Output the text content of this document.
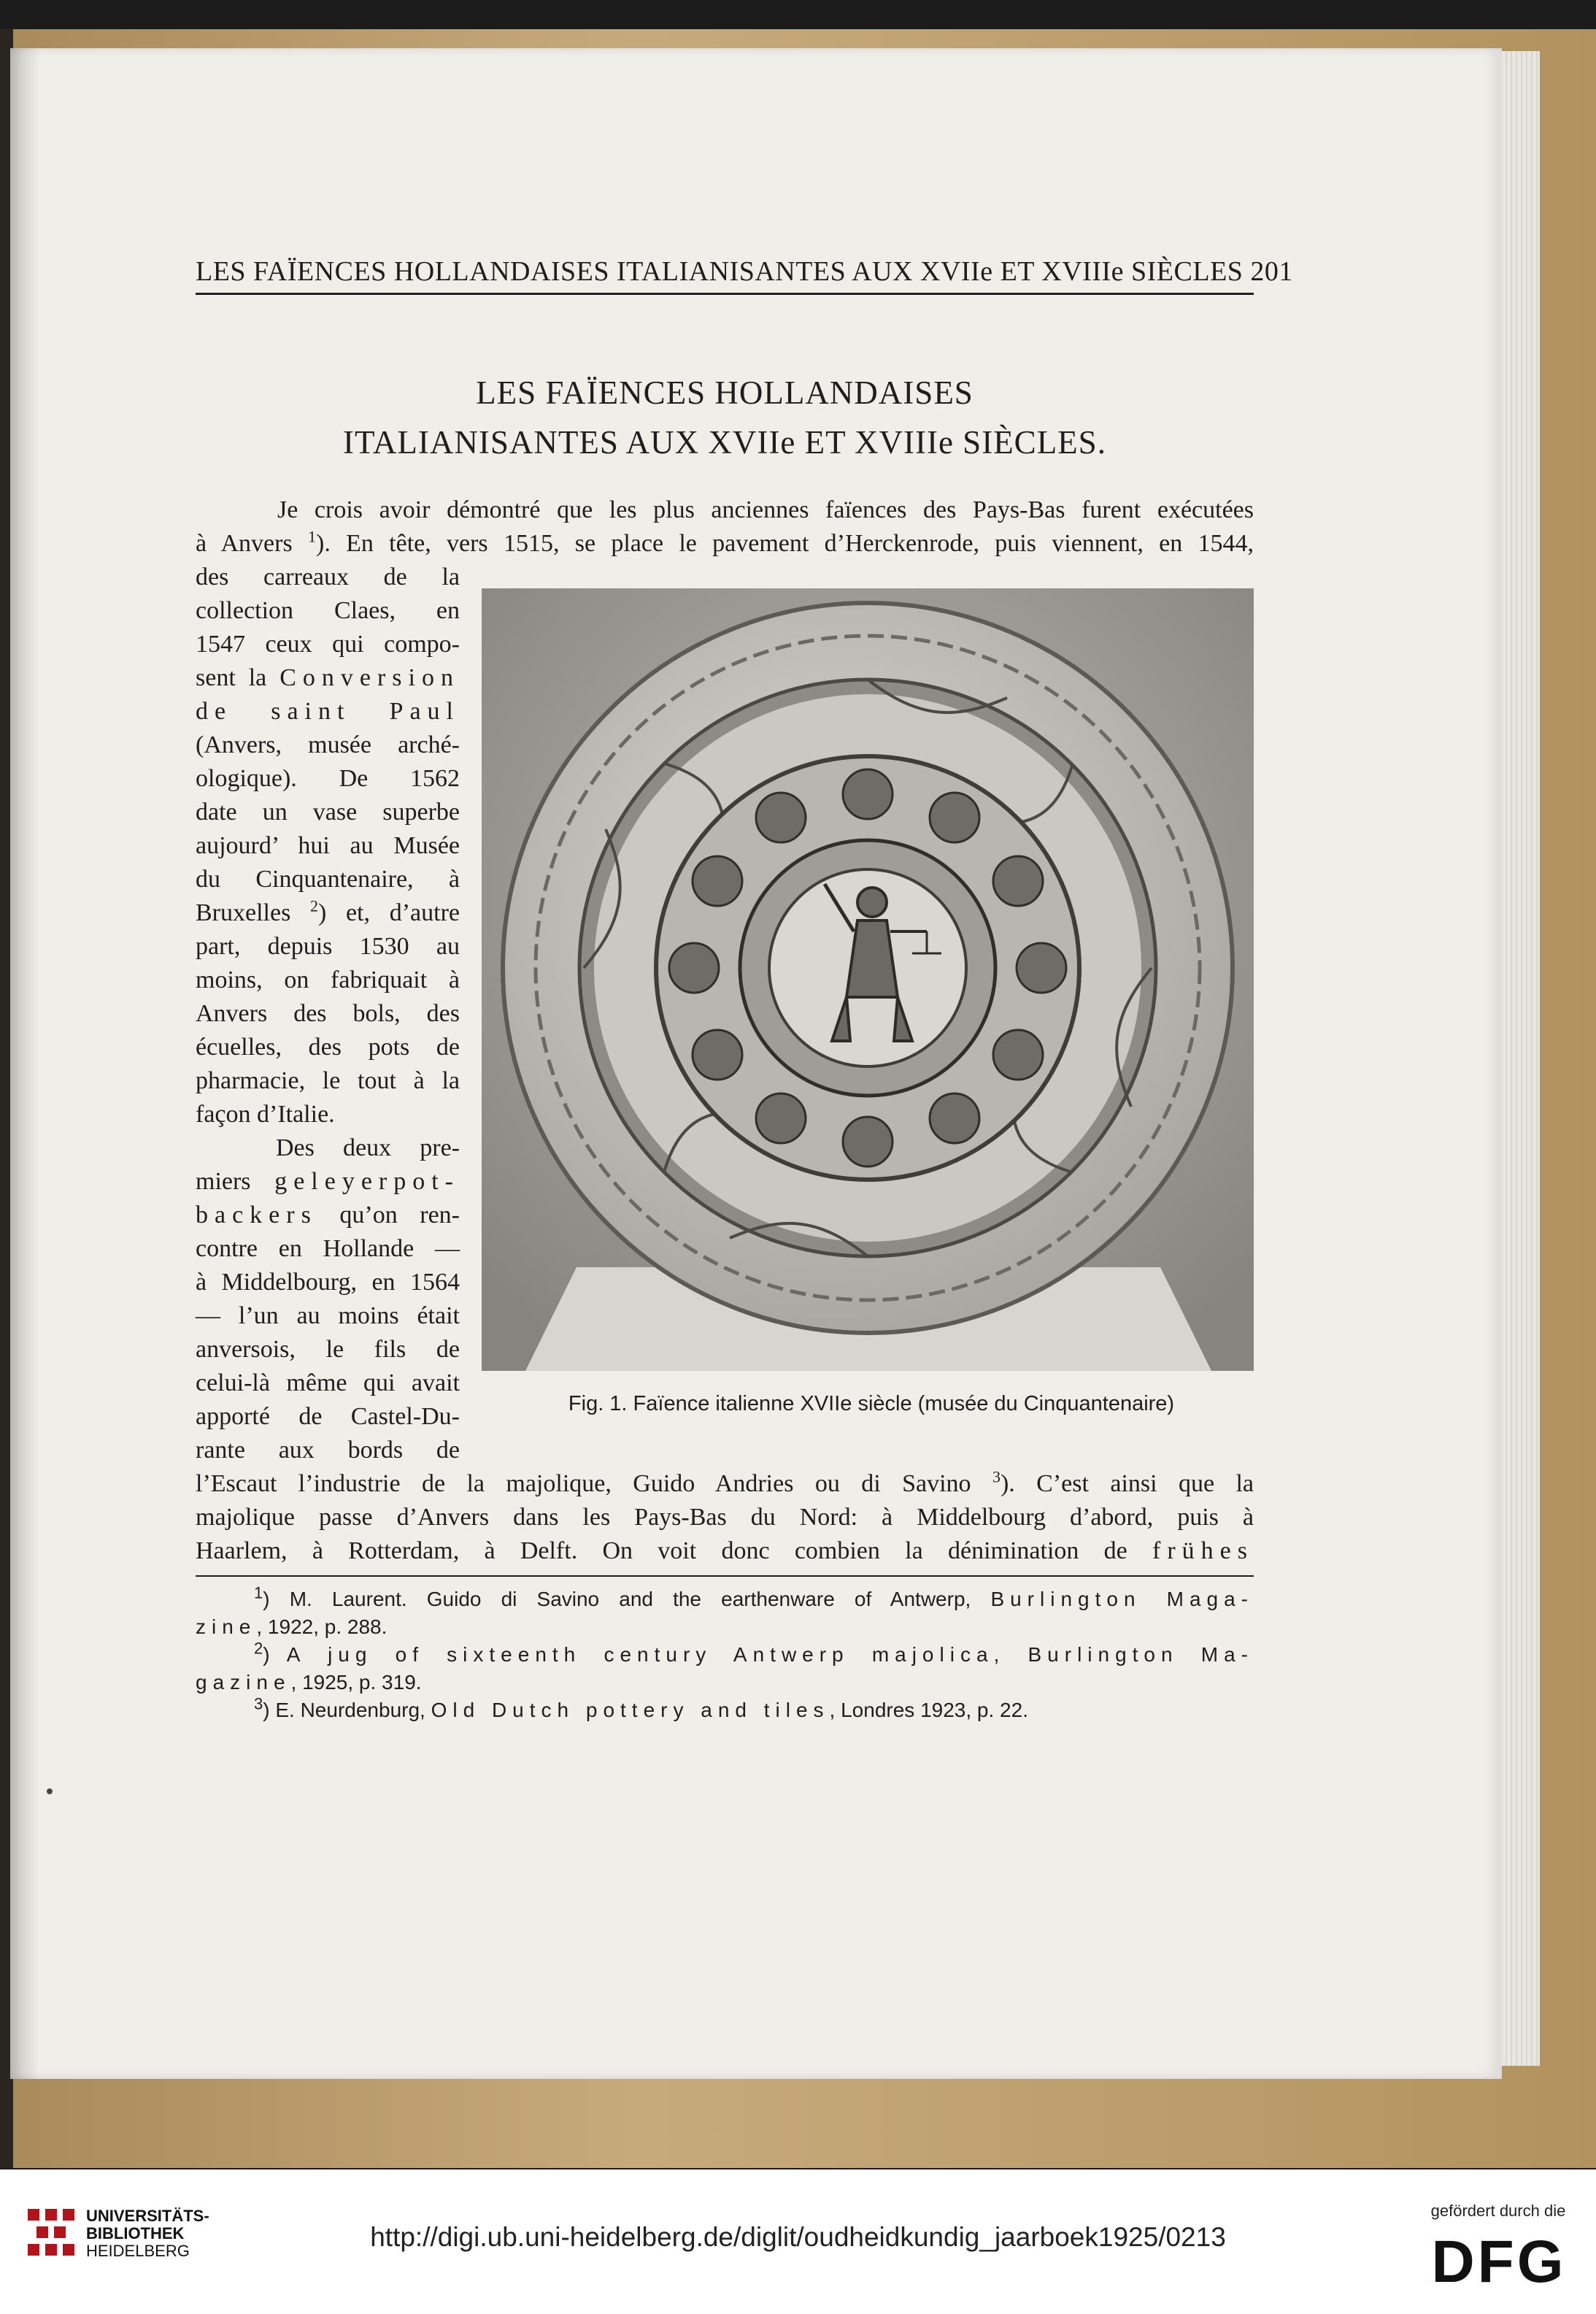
LES FAÏENCES HOLLANDAISES ITALIANISANTES AUX XVIIe ET XVIIIe SIÈCLES 201
LES FAÏENCES HOLLANDAISES
ITALIANISANTES AUX XVIIe ET XVIIIe SIÈCLES.

Je crois avoir démontré que les plus anciennes faïences des Pays-Bas furent exécutées

à Anvers $^1$). En tête, vers 1515, se place le pavement d’Herckenrode, puis viennent, en 1544,

des carreaux de la

collection Claes, en

1547 ceux qui compo-

sent la Conversion

de saint Paul

(Anvers, musée arché-

ologique). De 1562

date un vase superbe

aujourd’ hui au Musée

du Cinquantenaire, à

Bruxelles $^2$) et, d’autre

part, depuis 1530 au

moins, on fabriquait à

Anvers des bols, des

écuelles, des pots de

pharmacie, le tout à la

façon d’Italie.

Des deux pre-

miers geleyerpot-

backers qu’on ren-

contre en Hollande —

à Middelbourg, en 1564

— l’un au moins était

anversois, le fils de

celui-là même qui avait

apporté de Castel-Du-

rante aux bords de

l’Escaut l’industrie de la majolique, Guido Andries ou di Savino $^3$). C’est ainsi que la

majolique passe d’Anvers dans les Pays-Bas du Nord: à Middelbourg d’abord, puis à

Haarlem, à Rotterdam, à Delft. On voit donc combien la dénimination de frühes

Fig. 1. Faïence italienne XVIIe siècle (musée du Cinquantenaire)

$^1$) M. Laurent. Guido di Savino and the earthenware of Antwerp, Burlington Maga-

zine, 1922, p. 288.

$^2$) A jug of sixteenth century Antwerp majolica, Burlington Ma-

gazine, 1925, p. 319.

$^3$) E. Neurdenburg, Old Dutch pottery and tiles, Londres 1923, p. 22.

UNIVERSITÄTS-
BIBLIOTHEK
HEIDELBERG	http://digi.ub.uni-heidelberg.de/diglit/oudheidkundig_jaarboek1925/0213
gefördert durch die
DFG
